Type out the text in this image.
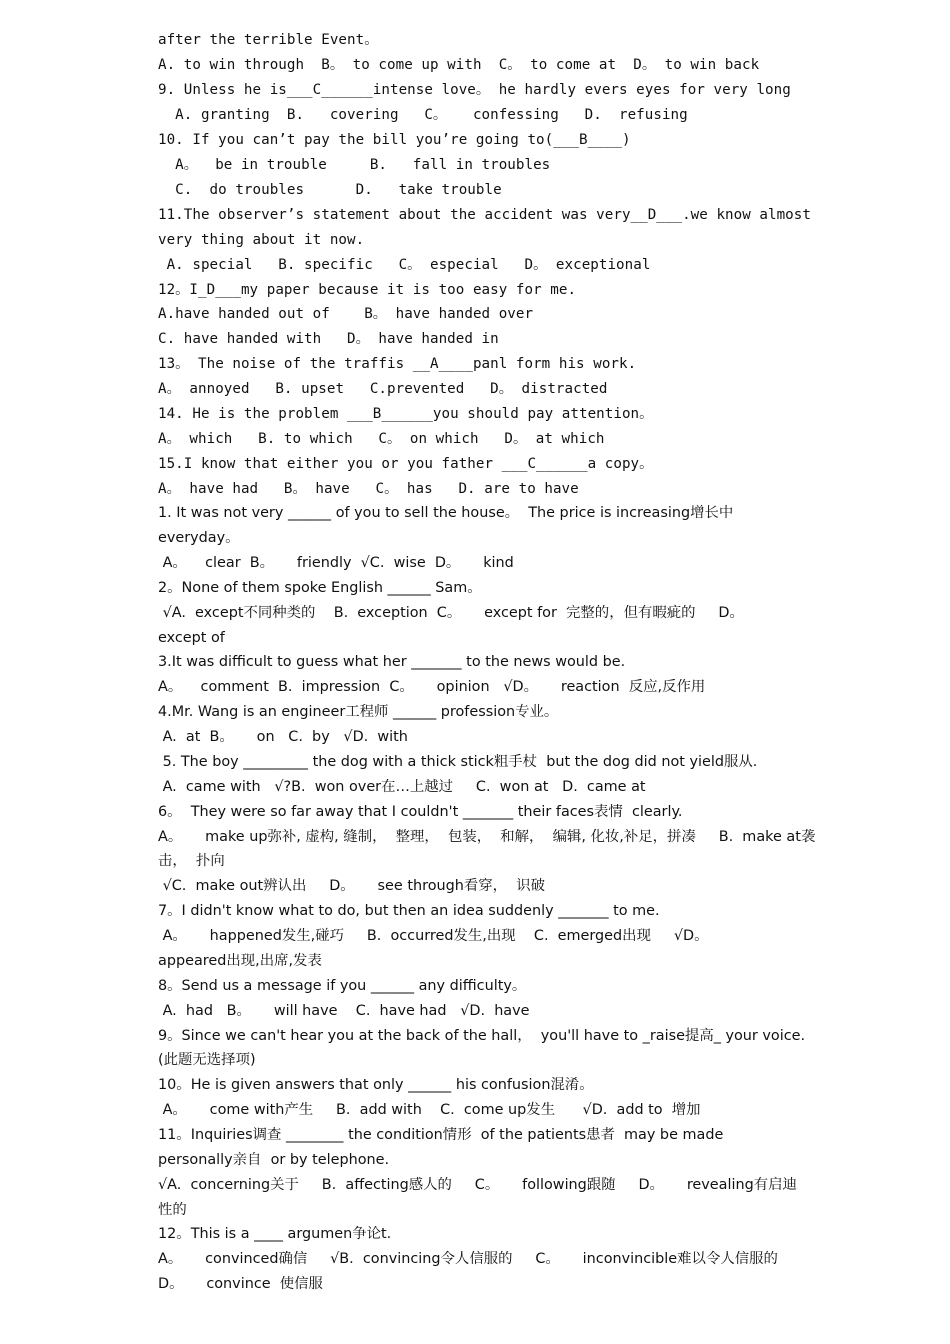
after the terrible Event。
A. to win through  B。 to come up with  C。 to come at  D。 to win back
9. Unless he is___C______intense love。 he hardly evers eyes for very long
A. granting  B.   covering   C。   confessing   D.  refusing
10. If you can’t pay the bill you’re going to(___B____)
A。  be in trouble     B.   fall in troubles
C.  do troubles      D.   take trouble
11.The observer’s statement about the accident was very__D___.we know almost
very thing about it now.
A. special   B. specific   C。 especial   D。 exceptional
12。I_D___my paper because it is too easy for me.
A.have handed out of    B。 have handed over
C. have handed with   D。 have handed in
13。 The noise of the traffis __A____panl form his work.
A。 annoyed   B. upset   C.prevented   D。 distracted
14. He is the problem ___B______you should pay attention。
A。 which   B. to which   C。 on which   D。 at which
15.I know that either you or you father ___C______a copy。
A。 have had   B。 have   C。 has   D. are to have
1. It was not very ______ of you to sell the house。  The price is increasing增长中
everyday。
A。    clear  B。     friendly  √C.  wise  D。     kind
2。None of them spoke English ______ Sam。
√A.  except不同种类的    B.  exception  C。     except for  完整的，但有暇疵的     D。
except of
3.It was difficult to guess what her _______ to the news would be.
A。    comment  B.  impression  C。     opinion   √D。     reaction  反应,反作用
4.Mr. Wang is an engineer工程师 ______ profession专业。
A.  at  B。     on   C.  by   √D.  with
5. The boy _________ the dog with a thick stick粗手杖  but the dog did not yield服从.
A.  came with   √?B.  won over在…上越过     C.  won at   D.  came at
6。  They were so far away that I couldn't _______ their faces表情  clearly.
A。     make up弥补, 虚构, 缝制，  整理，  包装，  和解，  编辑, 化妆,补足，拼凑     B.  make at袭
击，  扑向
√C.  make out辨认出     D。     see through看穿，  识破
7。I didn't know what to do, but then an idea suddenly _______ to me.
A。     happened发生,碰巧     B.  occurred发生,出现    C.  emerged出现     √D。
appeared出现,出席,发表
8。Send us a message if you ______ any difficulty。
A.  had   B。     will have    C.  have had   √D.  have
9。Since we can't hear you at the back of the hall，  you'll have to _raise提高_ your voice.
(此题无选择项)
10。He is given answers that only ______ his confusion混淆。
A。     come with产生     B.  add with    C.  come up发生      √D.  add to  增加
11。Inquiries调查 ________ the condition情形  of the patients患者  may be made
personally亲自  or by telephone.
√A.  concerning关于     B.  affecting感人的     C。     following跟随     D。     revealing有启迪
性的
12。This is a ____ argumen争论t.
A。     convinced确信     √B.  convincing令人信服的     C。     inconvincible难以令人信服的
D。     convince  使信服
